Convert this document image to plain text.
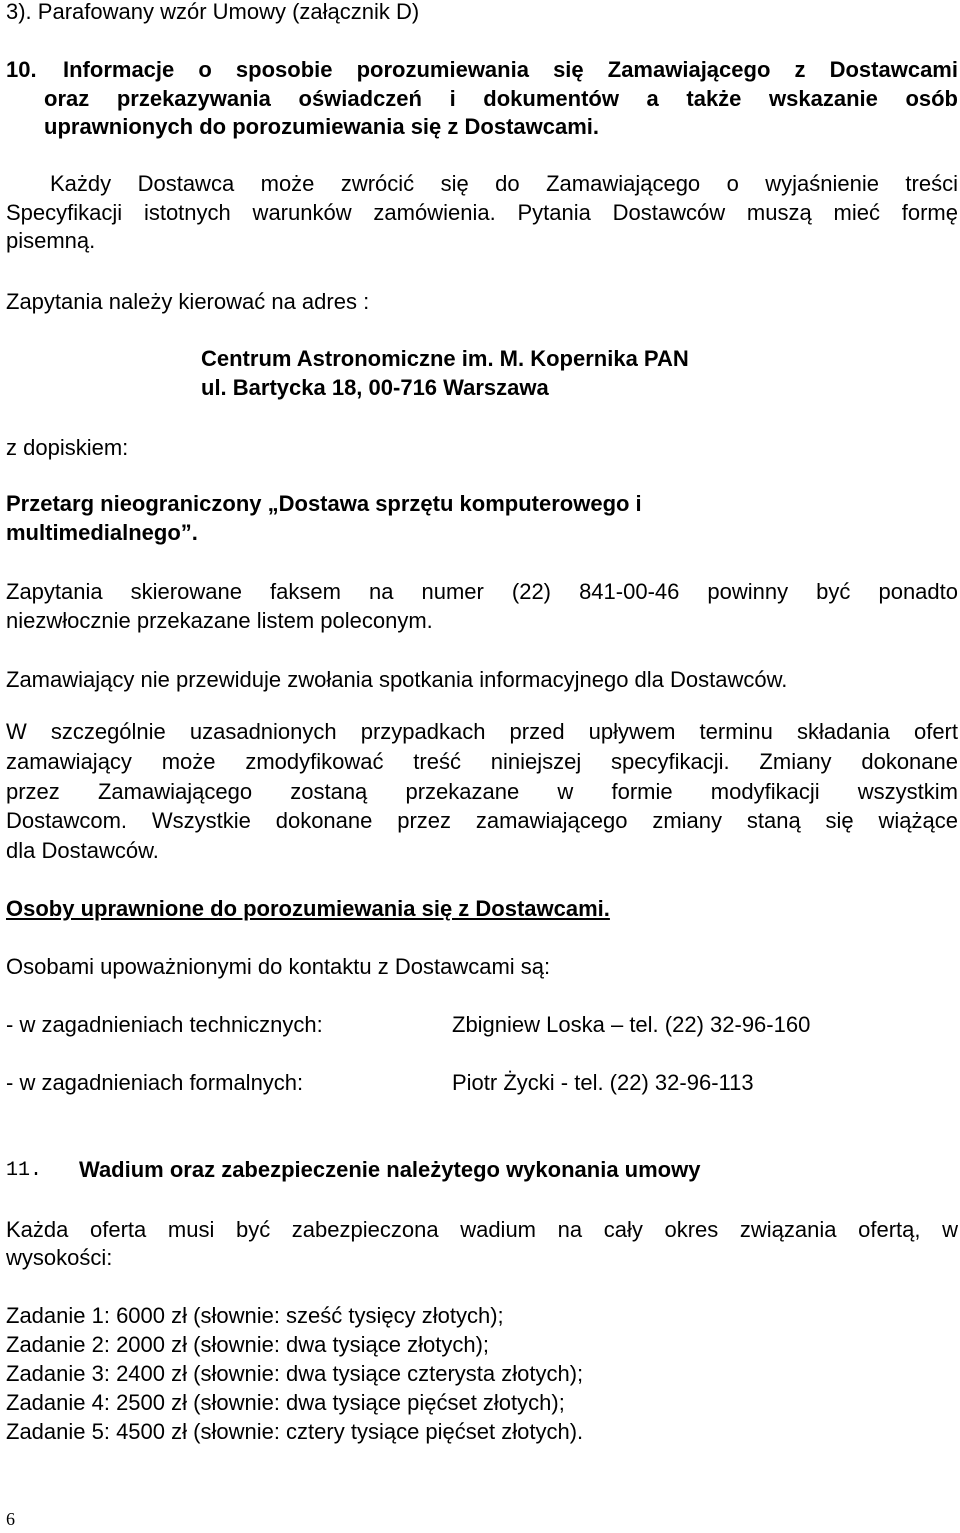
3). Parafowany wzór Umowy (załącznik D)
10. Informacje o sposobie porozumiewania się Zamawiającego z Dostawcami
oraz przekazywania oświadczeń i dokumentów a także wskazanie osób
uprawnionych do porozumiewania się z Dostawcami.
Każdy Dostawca może zwrócić się do Zamawiającego o wyjaśnienie treści
Specyfikacji istotnych warunków zamówienia. Pytania Dostawców muszą mieć formę
pisemną.
Zapytania należy kierować na adres :
Centrum Astronomiczne im. M. Kopernika PAN
ul. Bartycka 18, 00-716 Warszawa
z dopiskiem:
Przetarg nieograniczony „Dostawa sprzętu komputerowego i
multimedialnego”.
Zapytania skierowane faksem na numer (22) 841-00-46 powinny być ponadto
niezwłocznie przekazane listem poleconym.
Zamawiający nie przewiduje zwołania spotkania informacyjnego dla Dostawców.
W szczególnie uzasadnionych przypadkach przed upływem terminu składania ofert
zamawiający może zmodyfikować treść niniejszej specyfikacji. Zmiany dokonane
przez Zamawiającego zostaną przekazane w formie modyfikacji wszystkim
Dostawcom. Wszystkie dokonane przez zamawiającego zmiany staną się wiążące
dla Dostawców.
Osoby uprawnione do porozumiewania się z Dostawcami.
Osobami upoważnionymi do kontaktu z Dostawcami są:
- w zagadnieniach technicznych:	Zbigniew Loska – tel. (22) 32-96-160
- w zagadnieniach formalnych:	Piotr Życki - tel. (22) 32-96-113
11. Wadium oraz zabezpieczenie należytego wykonania umowy
Każda oferta musi być zabezpieczona wadium na cały okres związania ofertą, w
wysokości:
Zadanie 1: 6000 zł (słownie: sześć tysięcy złotych);
Zadanie 2: 2000 zł (słownie: dwa tysiące złotych);
Zadanie 3: 2400 zł (słownie: dwa tysiące czterysta złotych);
Zadanie 4: 2500 zł (słownie: dwa tysiące pięćset złotych);
Zadanie 5: 4500 zł (słownie: cztery tysiące pięćset złotych).
6
